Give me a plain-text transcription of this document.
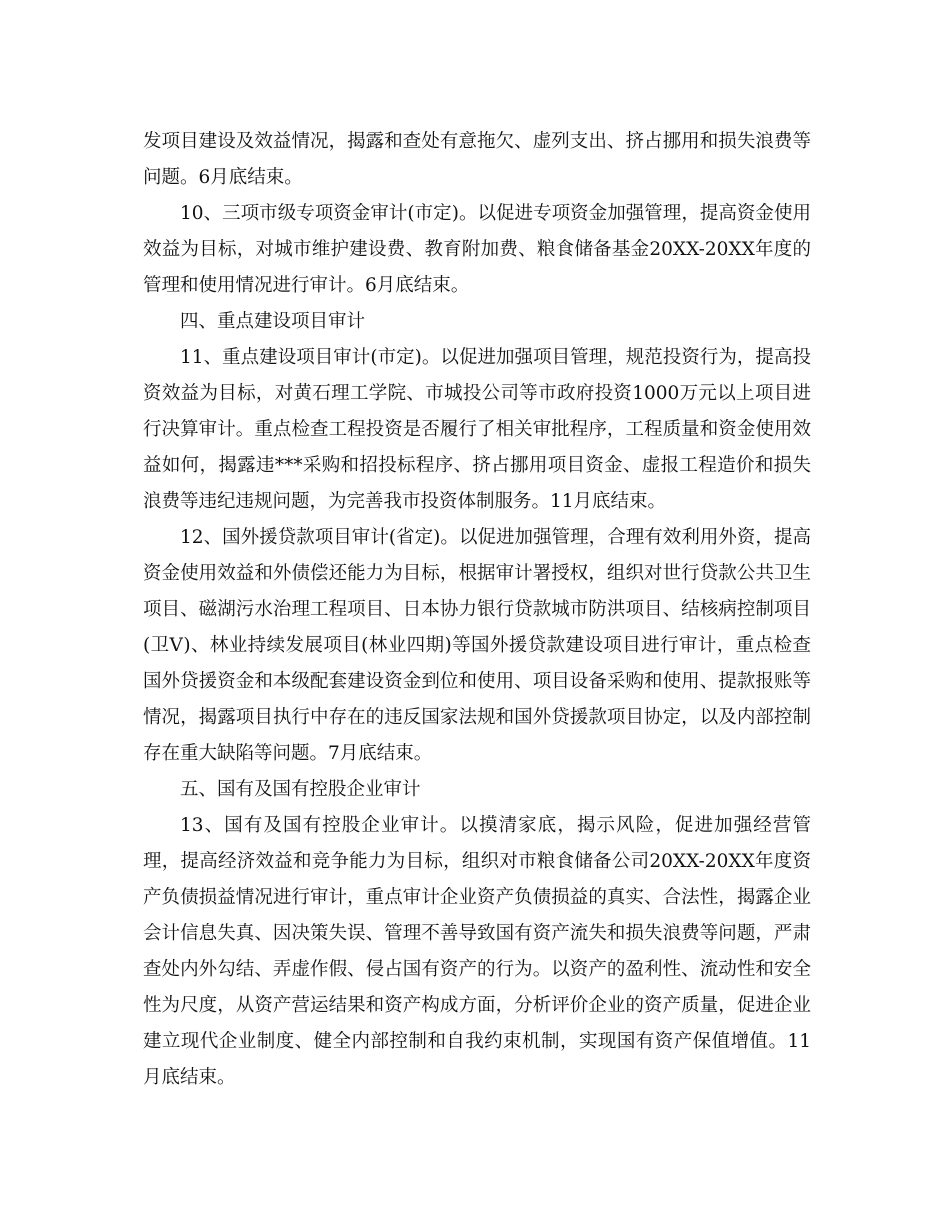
发项目建设及效益情况，揭露和查处有意拖欠、虚列支出、挤占挪用和损失浪费等问题。6月底结束。

10、三项市级专项资金审计(市定)。以促进专项资金加强管理，提高资金使用效益为目标，对城市维护建设费、教育附加费、粮食储备基金20XX-20XX年度的管理和使用情况进行审计。6月底结束。

四、重点建设项目审计

11、重点建设项目审计(市定)。以促进加强项目管理，规范投资行为，提高投资效益为目标，对黄石理工学院、市城投公司等市政府投资1000万元以上项目进行决算审计。重点检查工程投资是否履行了相关审批程序，工程质量和资金使用效益如何，揭露违***采购和招投标程序、挤占挪用项目资金、虚报工程造价和损失浪费等违纪违规问题，为完善我市投资体制服务。11月底结束。

12、国外援贷款项目审计(省定)。以促进加强管理，合理有效利用外资，提高资金使用效益和外债偿还能力为目标，根据审计署授权，组织对世行贷款公共卫生项目、磁湖污水治理工程项目、日本协力银行贷款城市防洪项目、结核病控制项目(卫Ⅴ)、林业持续发展项目(林业四期)等国外援贷款建设项目进行审计，重点检查国外贷援资金和本级配套建设资金到位和使用、项目设备采购和使用、提款报账等情况，揭露项目执行中存在的违反国家法规和国外贷援款项目协定，以及内部控制存在重大缺陷等问题。7月底结束。

五、国有及国有控股企业审计

13、国有及国有控股企业审计。以摸清家底，揭示风险，促进加强经营管理，提高经济效益和竞争能力为目标，组织对市粮食储备公司20XX-20XX年度资产负债损益情况进行审计，重点审计企业资产负债损益的真实、合法性，揭露企业会计信息失真、因决策失误、管理不善导致国有资产流失和损失浪费等问题，严肃查处内外勾结、弄虚作假、侵占国有资产的行为。以资产的盈利性、流动性和安全性为尺度，从资产营运结果和资产构成方面，分析评价企业的资产质量，促进企业建立现代企业制度、健全内部控制和自我约束机制，实现国有资产保值增值。11月底结束。
